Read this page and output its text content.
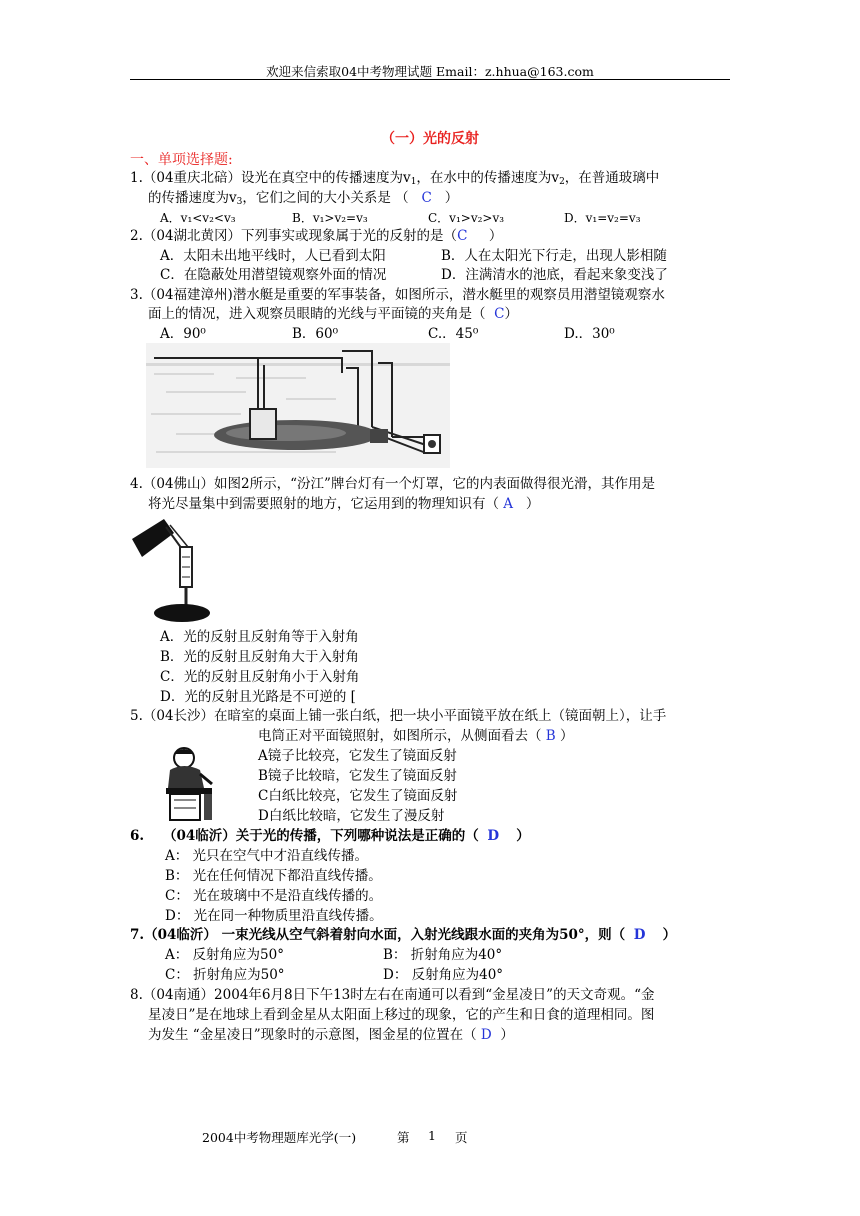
欢迎来信索取04中考物理试题 Email：z.hhua@163.com
（一）光的反射
一、单项选择题:
1.（04重庆北碚）设光在真空中的传播速度为$v_1$，在水中的传播速度为$v_2$，在普通玻璃中
的传播速度为$v_3$，它们之间的大小关系是 （ C ）
A．v₁<v₂<v₃	B．v₁>v₂=v₃	C．v₁>v₂>v₃	D．v₁=v₂=v₃
2.（04湖北黄冈）下列事实或现象属于光的反射的是（C ）
A．太阳未出地平线时，人已看到太阳	B．人在太阳光下行走，出现人影相随
C．在隐蔽处用潜望镜观察外面的情况	D．注满清水的池底，看起来象变浅了
3.（04福建漳州)潜水艇是重要的军事装备，如图所示，潜水艇里的观察员用潜望镜观察水
面上的情况，进入观察员眼睛的光线与平面镜的夹角是（ C）
A．90⁰	B．60⁰	C.．45⁰	D.．30⁰
4.（04佛山）如图2所示，“汾江”牌台灯有一个灯罩，它的内表面做得很光滑，其作用是
将光尽量集中到需要照射的地方，它运用到的物理知识有（ A ）
A．光的反射且反射角等于入射角
B．光的反射且反射角大于入射角
C．光的反射且反射角小于入射角
D．光的反射且光路是不可逆的 [
5.（04长沙）在暗室的桌面上铺一张白纸，把一块小平面镜平放在纸上（镜面朝上），让手
电筒正对平面镜照射，如图所示，从侧面看去（ B ）
A镜子比较亮，它发生了镜面反射
B镜子比较暗，它发生了镜面反射
C白纸比较亮，它发生了镜面反射
D白纸比较暗，它发生了漫反射
6. （04临沂）关于光的传播，下列哪种说法是正确的（ D ）
A： 光只在空气中才沿直线传播。
B： 光在任何情况下都沿直线传播。
C： 光在玻璃中不是沿直线传播的。
D： 光在同一种物质里沿直线传播。
7.（04临沂） 一束光线从空气斜着射向水面，入射光线跟水面的夹角为50°，则（ D ）
A： 反射角应为50°	B： 折射角应为40°
C： 折射角应为50°	D： 反射角应为40°
8.（04南通）2004年6月8日下午13时左右在南通可以看到“金星凌日”的天文奇观。“金
星凌日”是在地球上看到金星从太阳面上移过的现象，它的产生和日食的道理相同。图
为发生 “金星凌日”现象时的示意图，图金星的位置在（ D ）
2004中考物理题库光学(一)	第 1 页
